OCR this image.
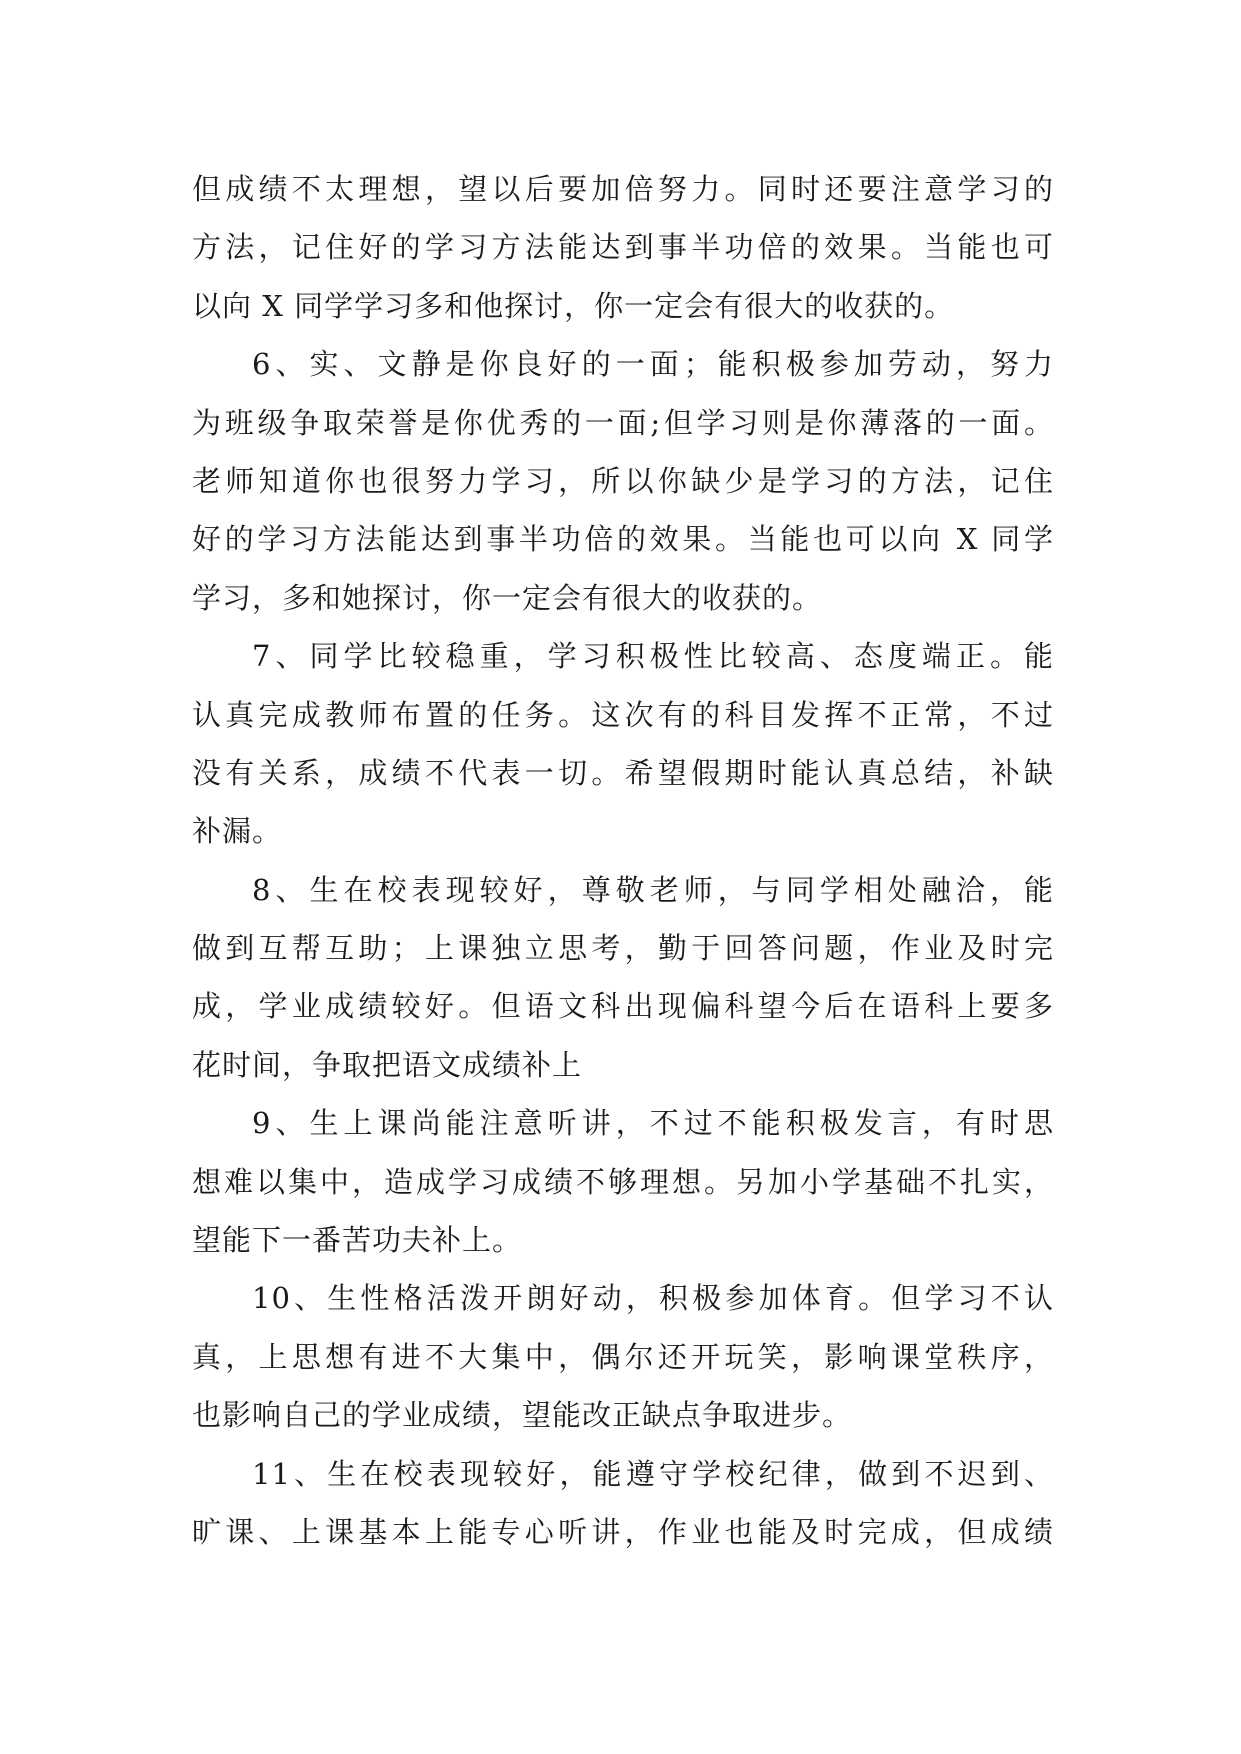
但成绩不太理想，望以后要加倍努力。同时还要注意学习的
方法，记住好的学习方法能达到事半功倍的效果。当能也可
以向 X 同学学习多和他探讨，你一定会有很大的收获的。
6、实、文静是你良好的一面；能积极参加劳动，努力
为班级争取荣誉是你优秀的一面;但学习则是你薄落的一面。
老师知道你也很努力学习，所以你缺少是学习的方法，记住
好的学习方法能达到事半功倍的效果。当能也可以向 X 同学
学习，多和她探讨，你一定会有很大的收获的。
7、同学比较稳重，学习积极性比较高、态度端正。能
认真完成教师布置的任务。这次有的科目发挥不正常，不过
没有关系，成绩不代表一切。希望假期时能认真总结，补缺
补漏。
8、生在校表现较好，尊敬老师，与同学相处融洽，能
做到互帮互助；上课独立思考，勤于回答问题，作业及时完
成，学业成绩较好。但语文科出现偏科望今后在语科上要多
花时间，争取把语文成绩补上
9、生上课尚能注意听讲，不过不能积极发言，有时思
想难以集中，造成学习成绩不够理想。另加小学基础不扎实，
望能下一番苦功夫补上。
10、生性格活泼开朗好动，积极参加体育。但学习不认
真，上思想有进不大集中，偶尔还开玩笑，影响课堂秩序，
也影响自己的学业成绩，望能改正缺点争取进步。
11、生在校表现较好，能遵守学校纪律，做到不迟到、
旷课、上课基本上能专心听讲，作业也能及时完成，但成绩
